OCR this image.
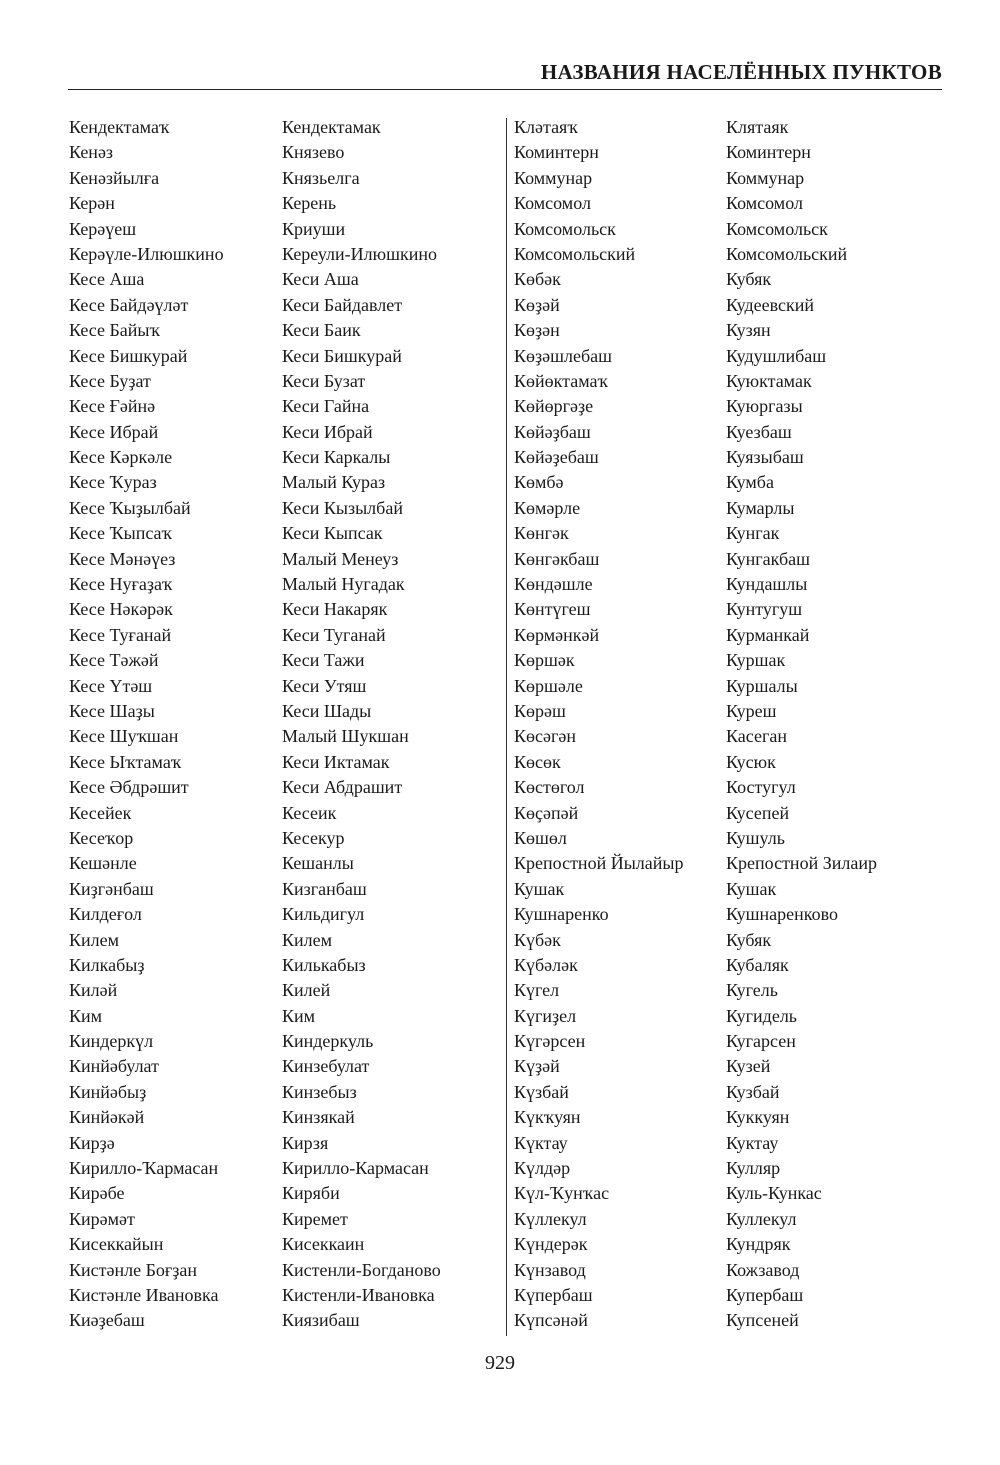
НАЗВАНИЯ НАСЕЛЁННЫХ ПУНКТОВ
Кендектамаҡ
Кенәз
Кенәзйылға
Керән
Керәүеш
Керәүле-Илюшкино
Кесе Аша
Кесе Байдәүләт
Кесе Байыҡ
Кесе Бишкурай
Кесе Буҙат
Кесе Ғәйнә
Кесе Ибрай
Кесе Кәркәле
Кесе Ҡураз
Кесе Ҡыҙылбай
Кесе Ҡыпсаҡ
Кесе Мәнәүез
Кесе Нуғаҙаҡ
Кесе Нәкәрәк
Кесе Туғанай
Кесе Тәжәй
Кесе Үтәш
Кесе Шаҙы
Кесе Шуҡшан
Кесе Ыҡтамаҡ
Кесе Әбдрәшит
Кесейек
Кесеҡор
Кешәнле
Киҙгәнбаш
Килдеғол
Килем
Килкабыҙ
Киләй
Ким
Киндеркүл
Кинйәбулат
Кинйәбыҙ
Кинйәкәй
Кирҙә
Кирилло-Ҡармасан
Кирәбе
Кирәмәт
Кисеккайын
Кистәнле Боғҙан
Кистәнле Ивановка
Киәҙебаш
Кендектамак
Князево
Князьелга
Керень
Криуши
Кереули-Илюшкино
Кеси Аша
Кеси Байдавлет
Кеси Баик
Кеси Бишкурай
Кеси Бузат
Кеси Гайна
Кеси Ибрай
Кеси Каркалы
Малый Кураз
Кеси Кызылбай
Кеси Кыпсак
Малый Менеуз
Малый Нугадак
Кеси Накаряк
Кеси Туганай
Кеси Тажи
Кеси Утяш
Кеси Шады
Малый Шукшан
Кеси Иктамак
Кеси Абдрашит
Кесеик
Кесекур
Кешанлы
Кизганбаш
Кильдигул
Килем
Килькабыз
Килей
Ким
Киндеркуль
Кинзебулат
Кинзебыз
Кинзякай
Кирзя
Кирилло-Кармасан
Киряби
Киремет
Кисеккаин
Кистенли-Богданово
Кистенли-Ивановка
Киязибаш
Кләтаяҡ
Коминтерн
Коммунар
Комсомол
Комсомольск
Комсомольский
Көбәк
Көҙәй
Көҙән
Көҙәшлебаш
Көйөктамаҡ
Көйөргәҙе
Көйәҙбаш
Көйәҙебаш
Көмбә
Көмәрле
Көнгәк
Көнгәкбаш
Көндәшле
Көнтүгеш
Көрмәнкәй
Көршәк
Көршәле
Көрәш
Көсәгән
Көсөк
Көстөгол
Көҫәпәй
Көшөл
Крепостной Йылайыр
Кушак
Кушнаренко
Күбәк
Күбәләк
Күгел
Күгиҙел
Күгәрсен
Күҙәй
Күзбай
Күкҡуян
Күктау
Күлдәр
Күл-Ҡунҡас
Күллекул
Күндерәк
Күнзавод
Күпербаш
Күпсәнәй
Клятаяк
Коминтерн
Коммунар
Комсомол
Комсомольск
Комсомольский
Кубяк
Кудеевский
Кузян
Кудушлибаш
Куюктамак
Куюргазы
Куезбаш
Куязыбаш
Кумба
Кумарлы
Кунгак
Кунгакбаш
Кундашлы
Кунтугуш
Курманкай
Куршак
Куршалы
Куреш
Касеган
Кусюк
Костугул
Кусепей
Кушуль
Крепостной Зилаир
Кушак
Кушнаренково
Кубяк
Кубаляк
Кугель
Кугидель
Кугарсен
Кузей
Кузбай
Куккуян
Куктау
Кулляр
Куль-Кункас
Куллекул
Кундряк
Кожзавод
Купербаш
Купсеней
929
